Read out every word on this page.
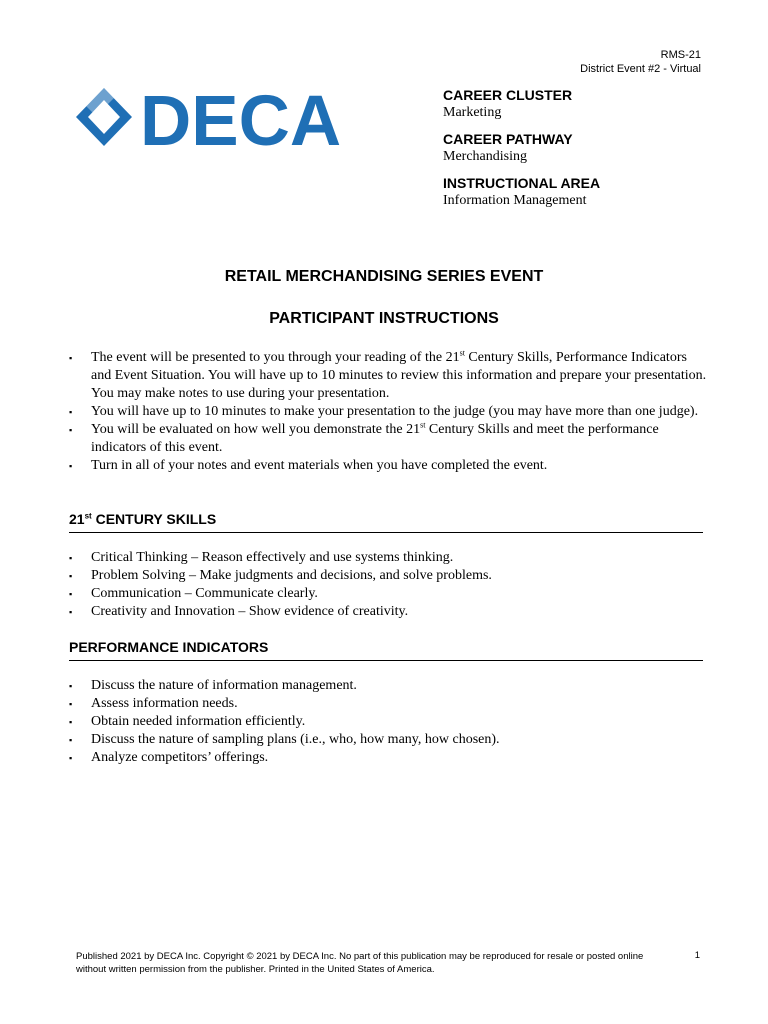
RMS-21
District Event #2 - Virtual
DECA	CAREER CLUSTER
Marketing
CAREER PATHWAY
Merchandising
INSTRUCTIONAL AREA
Information Management
RETAIL MERCHANDISING SERIES EVENT
PARTICIPANT INSTRUCTIONS
▪ The event will be presented to you through your reading of the 21st Century Skills, Performance Indicators and Event Situation. You will have up to 10 minutes to review this information and prepare your presentation. You may make notes to use during your presentation.
▪ You will have up to 10 minutes to make your presentation to the judge (you may have more than one judge).
▪ You will be evaluated on how well you demonstrate the 21st Century Skills and meet the performance indicators of this event.
▪ Turn in all of your notes and event materials when you have completed the event.
21st CENTURY SKILLS
▪ Critical Thinking – Reason effectively and use systems thinking.
▪ Problem Solving – Make judgments and decisions, and solve problems.
▪ Communication – Communicate clearly.
▪ Creativity and Innovation – Show evidence of creativity.
PERFORMANCE INDICATORS
▪ Discuss the nature of information management.
▪ Assess information needs.
▪ Obtain needed information efficiently.
▪ Discuss the nature of sampling plans (i.e., who, how many, how chosen).
▪ Analyze competitors’ offerings.
Published 2021 by DECA Inc. Copyright © 2021 by DECA Inc. No part of this publication may be reproduced for resale or posted online without written permission from the publisher. Printed in the United States of America.
1
